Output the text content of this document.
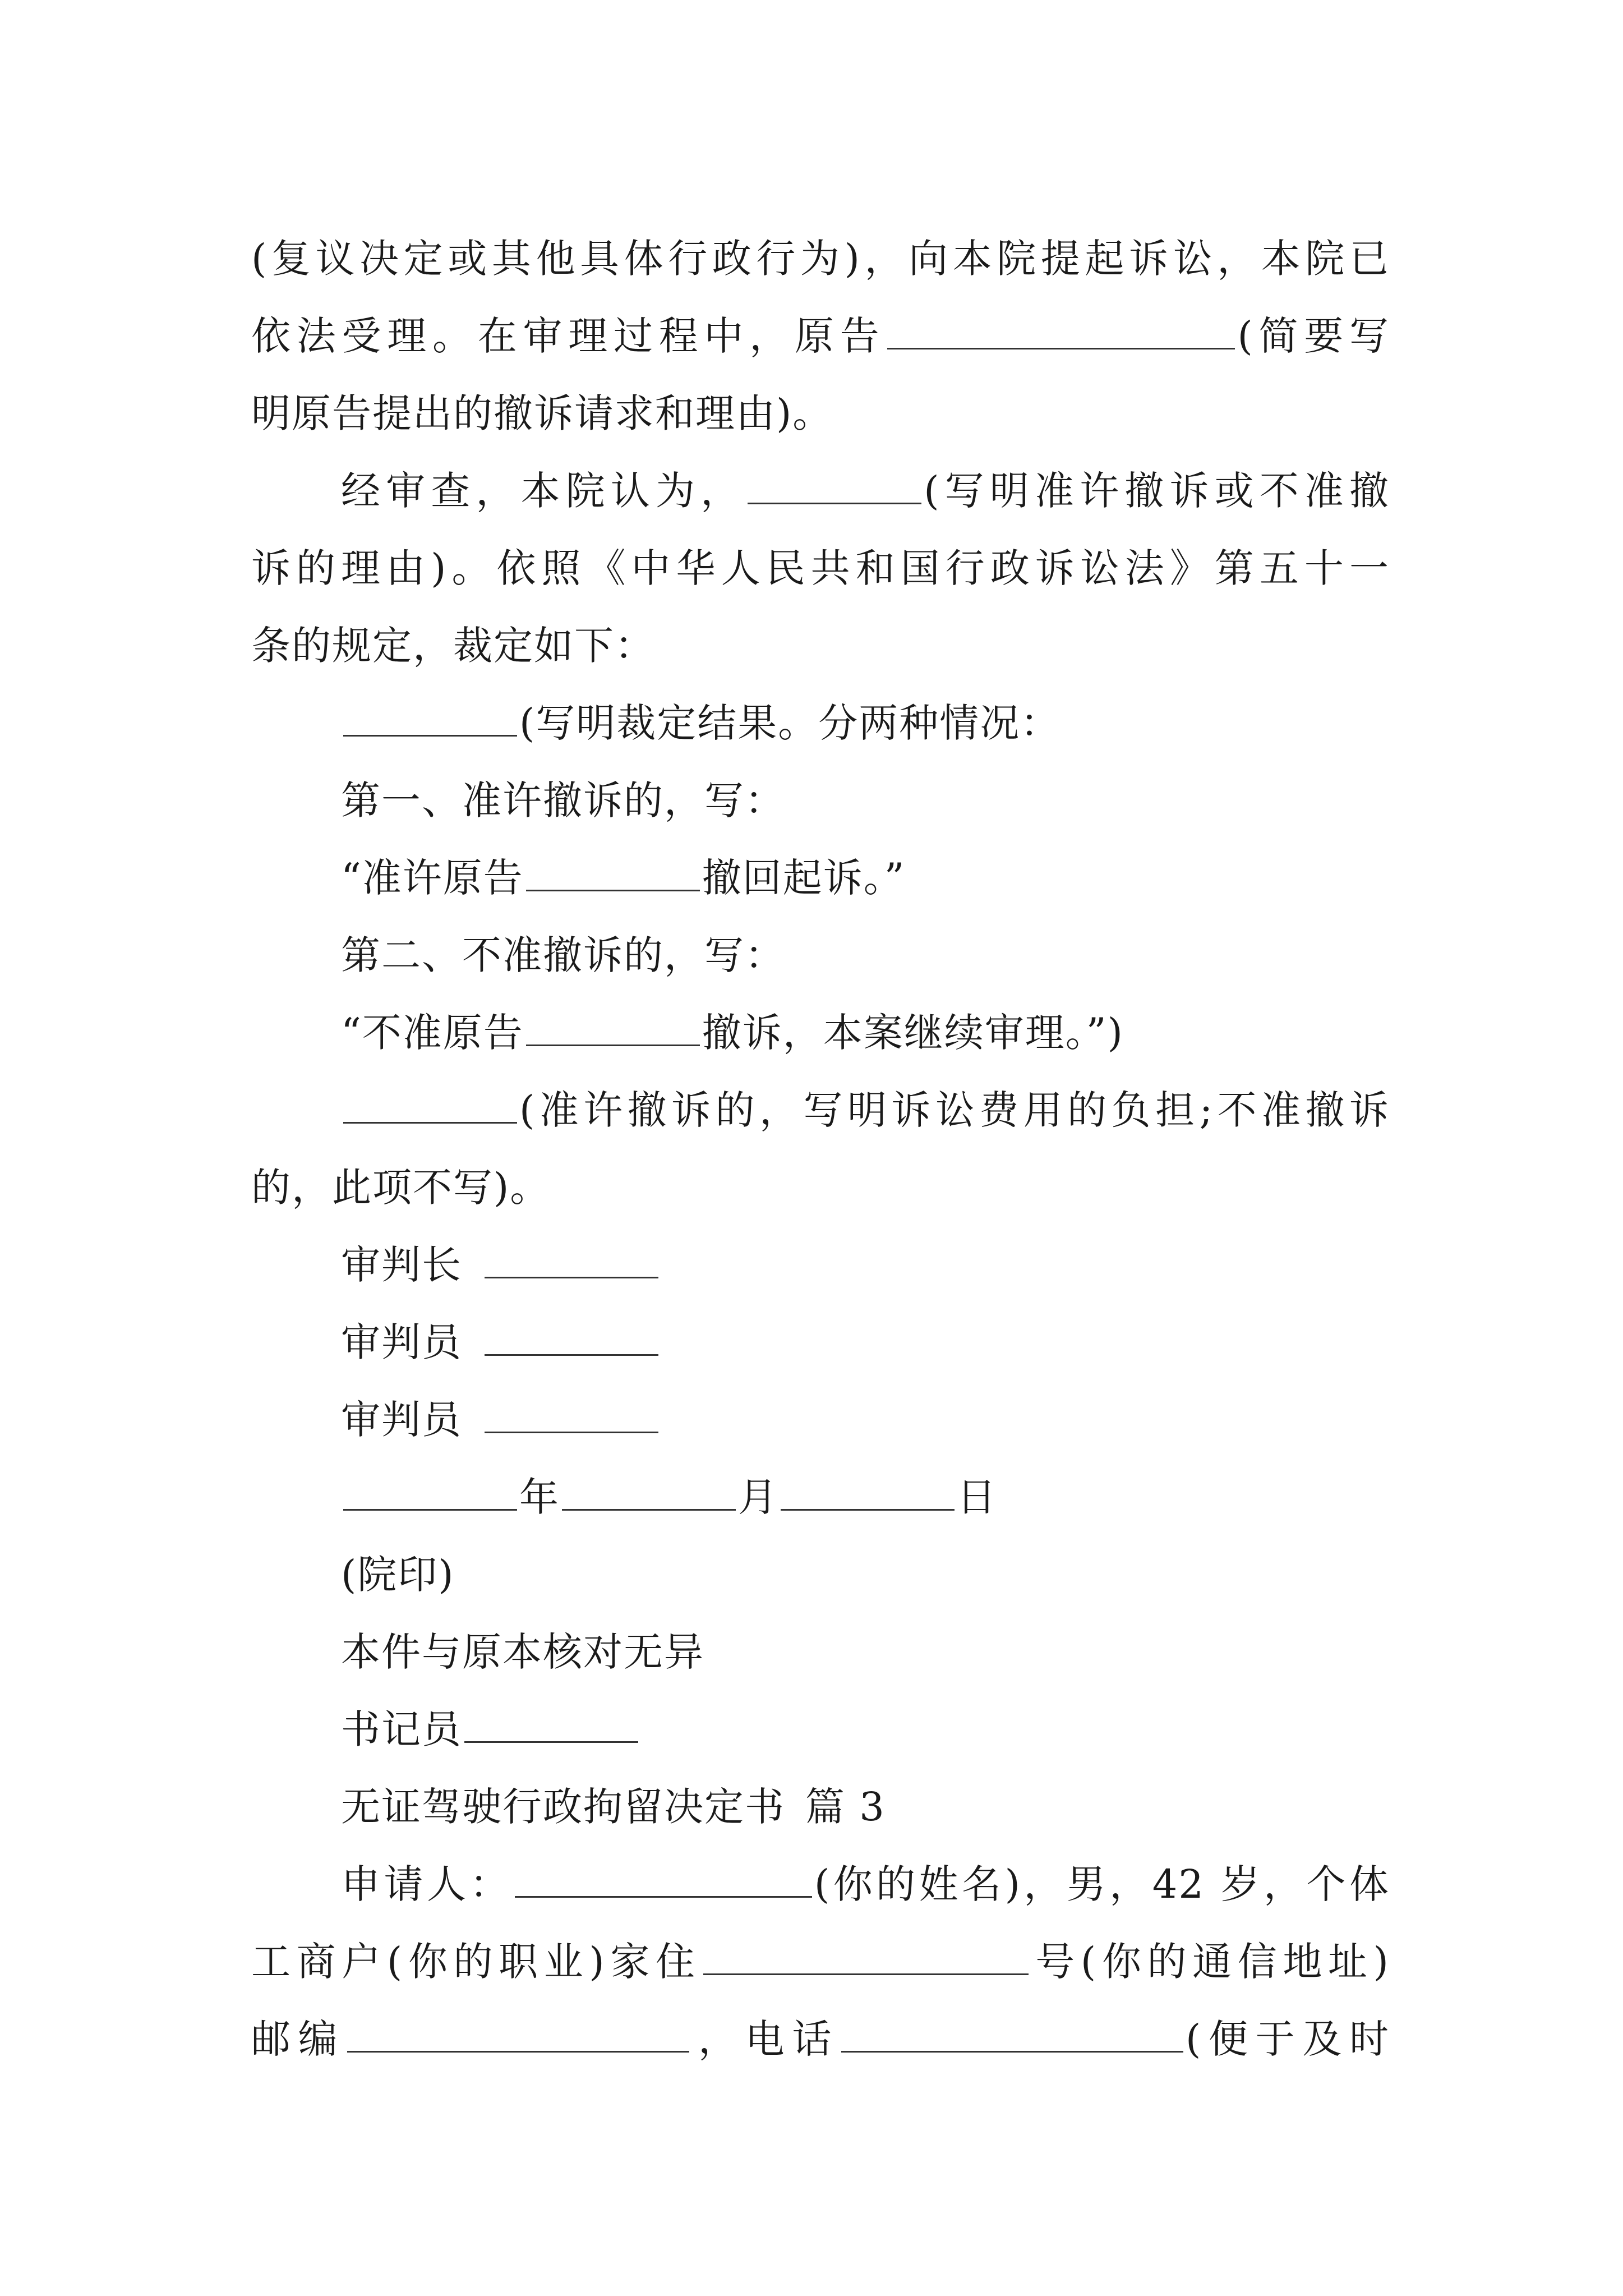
(复议决定或其他具体行政行为)，向本院提起诉讼，本院已
依法受理。在审理过程中，原告	(简要写
明原告提出的撤诉请求和理由)。
经审查，本院认为，	(写明准许撤诉或不准撤
诉的理由)。依照《中华人民共和国行政诉讼法》第五十一
条的规定，裁定如下：
(写明裁定结果。分两种情况：
第一、准许撤诉的，写：
“准许原告	撤回起诉。”
第二、不准撤诉的，写：
“不准原告	撤诉，本案继续审理。”)
(准许撤诉的，写明诉讼费用的负担;不准撤诉
的，此项不写)。
审判长
审判员
审判员
年	月	日
(院印)
本件与原本核对无异
书记员
无证驾驶行政拘留决定书 篇 3
申请人：	(你的姓名)，男，42 岁，个体
工商户(你的职业)家住	号(你的通信地址)
邮编	，电话	(便于及时
